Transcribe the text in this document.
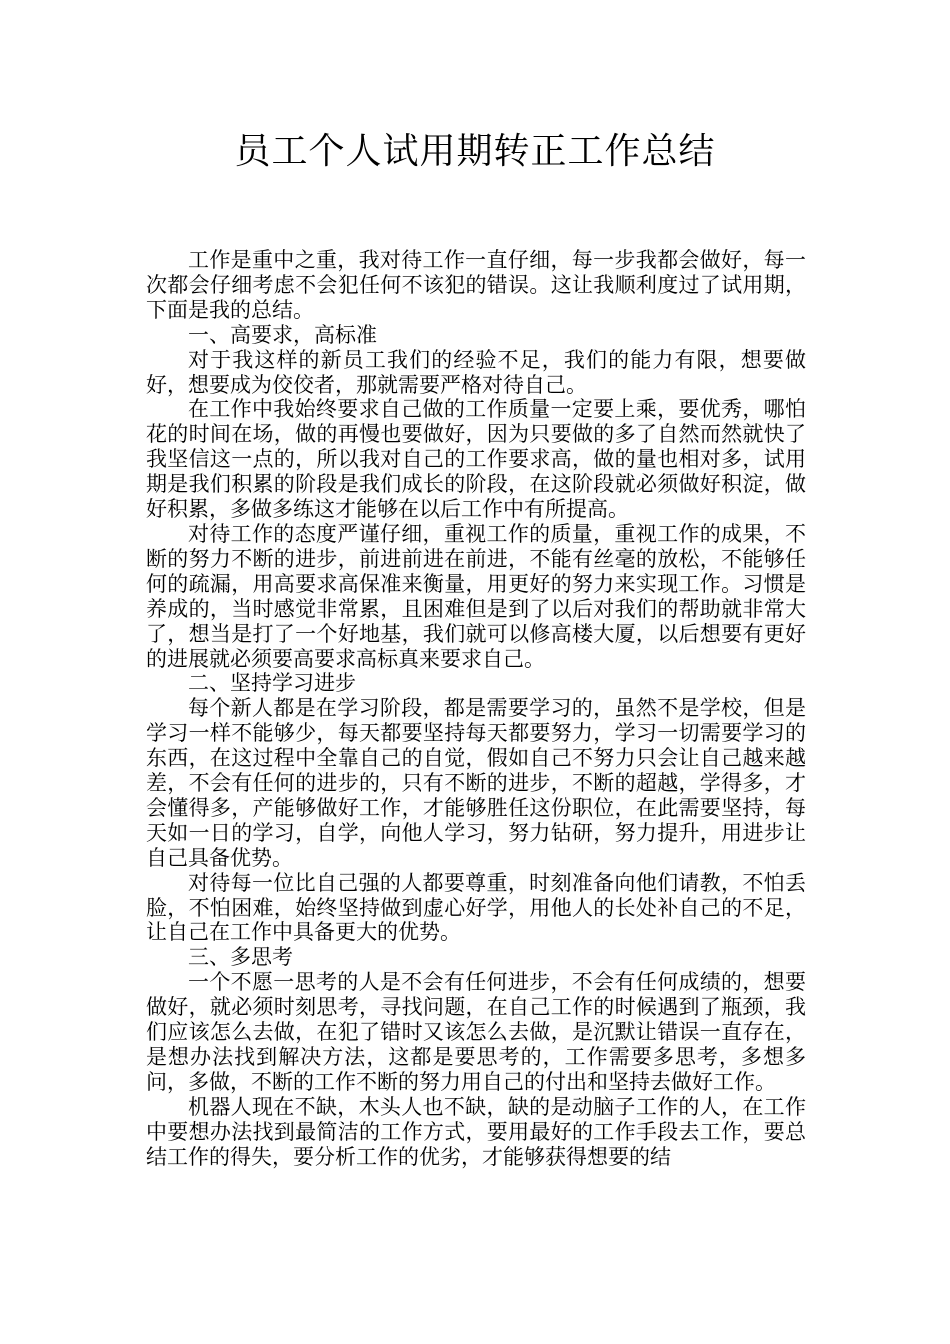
员工个人试用期转正工作总结

工作是重中之重，我对待工作一直仔细，每一步我都会做好，每一次都会仔细考虑不会犯任何不该犯的错误。这让我顺利度过了试用期，下面是我的总结。

一、高要求，高标准

对于我这样的新员工我们的经验不足，我们的能力有限，想要做好，想要成为佼佼者，那就需要严格对待自己。

在工作中我始终要求自己做的工作质量一定要上乘，要优秀，哪怕花的时间在场，做的再慢也要做好，因为只要做的多了自然而然就快了我坚信这一点的，所以我对自己的工作要求高，做的量也相对多，试用期是我们积累的阶段是我们成长的阶段，在这阶段就必须做好积淀，做好积累，多做多练这才能够在以后工作中有所提高。

对待工作的态度严谨仔细，重视工作的质量，重视工作的成果，不断的努力不断的进步，前进前进在前进，不能有丝毫的放松，不能够任何的疏漏，用高要求高保准来衡量，用更好的努力来实现工作。习惯是养成的，当时感觉非常累，且困难但是到了以后对我们的帮助就非常大了，想当是打了一个好地基，我们就可以修高楼大厦，以后想要有更好的进展就必须要高要求高标真来要求自己。

二、坚持学习进步

每个新人都是在学习阶段，都是需要学习的，虽然不是学校，但是学习一样不能够少，每天都要坚持每天都要努力，学习一切需要学习的东西，在这过程中全靠自己的自觉，假如自己不努力只会让自己越来越差，不会有任何的进步的，只有不断的进步，不断的超越，学得多，才会懂得多，产能够做好工作，才能够胜任这份职位，在此需要坚持，每天如一日的学习，自学，向他人学习，努力钻研，努力提升，用进步让自己具备优势。

对待每一位比自己强的人都要尊重，时刻准备向他们请教，不怕丢脸，不怕困难，始终坚持做到虚心好学，用他人的长处补自己的不足，让自己在工作中具备更大的优势。

三、多思考

一个不愿一思考的人是不会有任何进步，不会有任何成绩的，想要做好，就必须时刻思考，寻找问题，在自己工作的时候遇到了瓶颈，我们应该怎么去做，在犯了错时又该怎么去做，是沉默让错误一直存在，是想办法找到解决方法，这都是要思考的，工作需要多思考，多想多问，多做，不断的工作不断的努力用自己的付出和坚持去做好工作。

机器人现在不缺，木头人也不缺，缺的是动脑子工作的人，在工作中要想办法找到最简洁的工作方式，要用最好的工作手段去工作，要总结工作的得失，要分析工作的优劣，才能够获得想要的结
